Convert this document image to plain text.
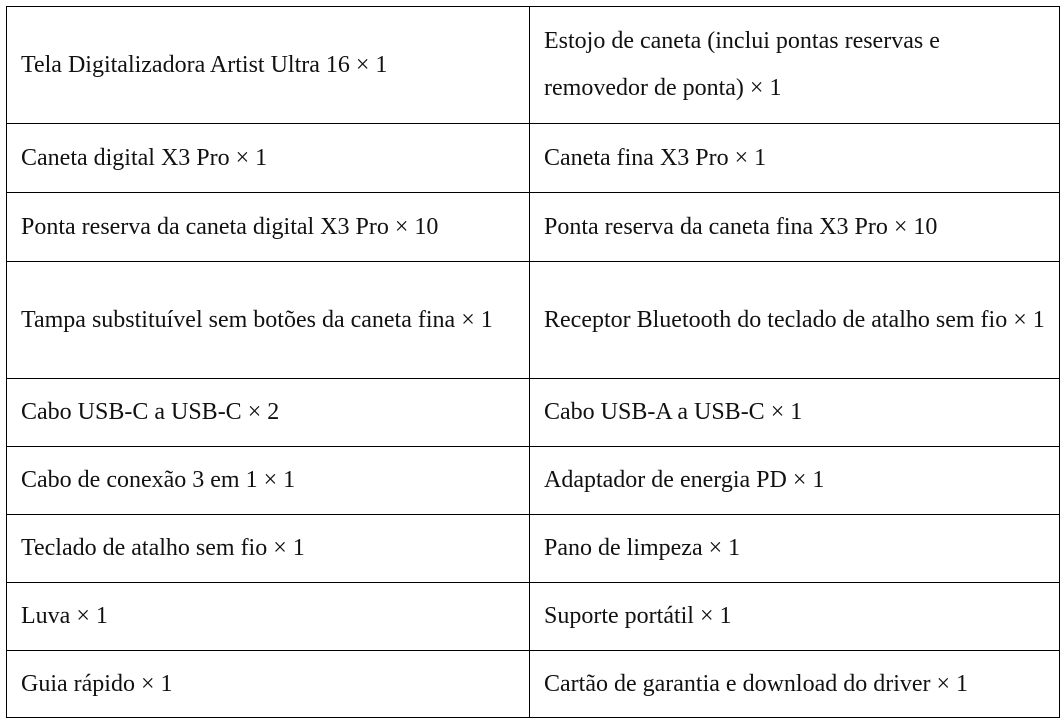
Tela Digitalizadora Artist Ultra 16 × 1	Estojo de caneta (inclui pontas reservas e removedor de ponta) × 1
Caneta digital X3 Pro × 1	Caneta fina X3 Pro × 1
Ponta reserva da caneta digital X3 Pro × 10	Ponta reserva da caneta fina X3 Pro × 10
Tampa substituível sem botões da caneta fina × 1	Receptor Bluetooth do teclado de atalho sem fio × 1
Cabo USB-C a USB-C × 2	Cabo USB-A a USB-C × 1
Cabo de conexão 3 em 1 × 1	Adaptador de energia PD × 1
Teclado de atalho sem fio × 1	Pano de limpeza × 1
Luva × 1	Suporte portátil × 1
Guia rápido × 1	Cartão de garantia e download do driver × 1
